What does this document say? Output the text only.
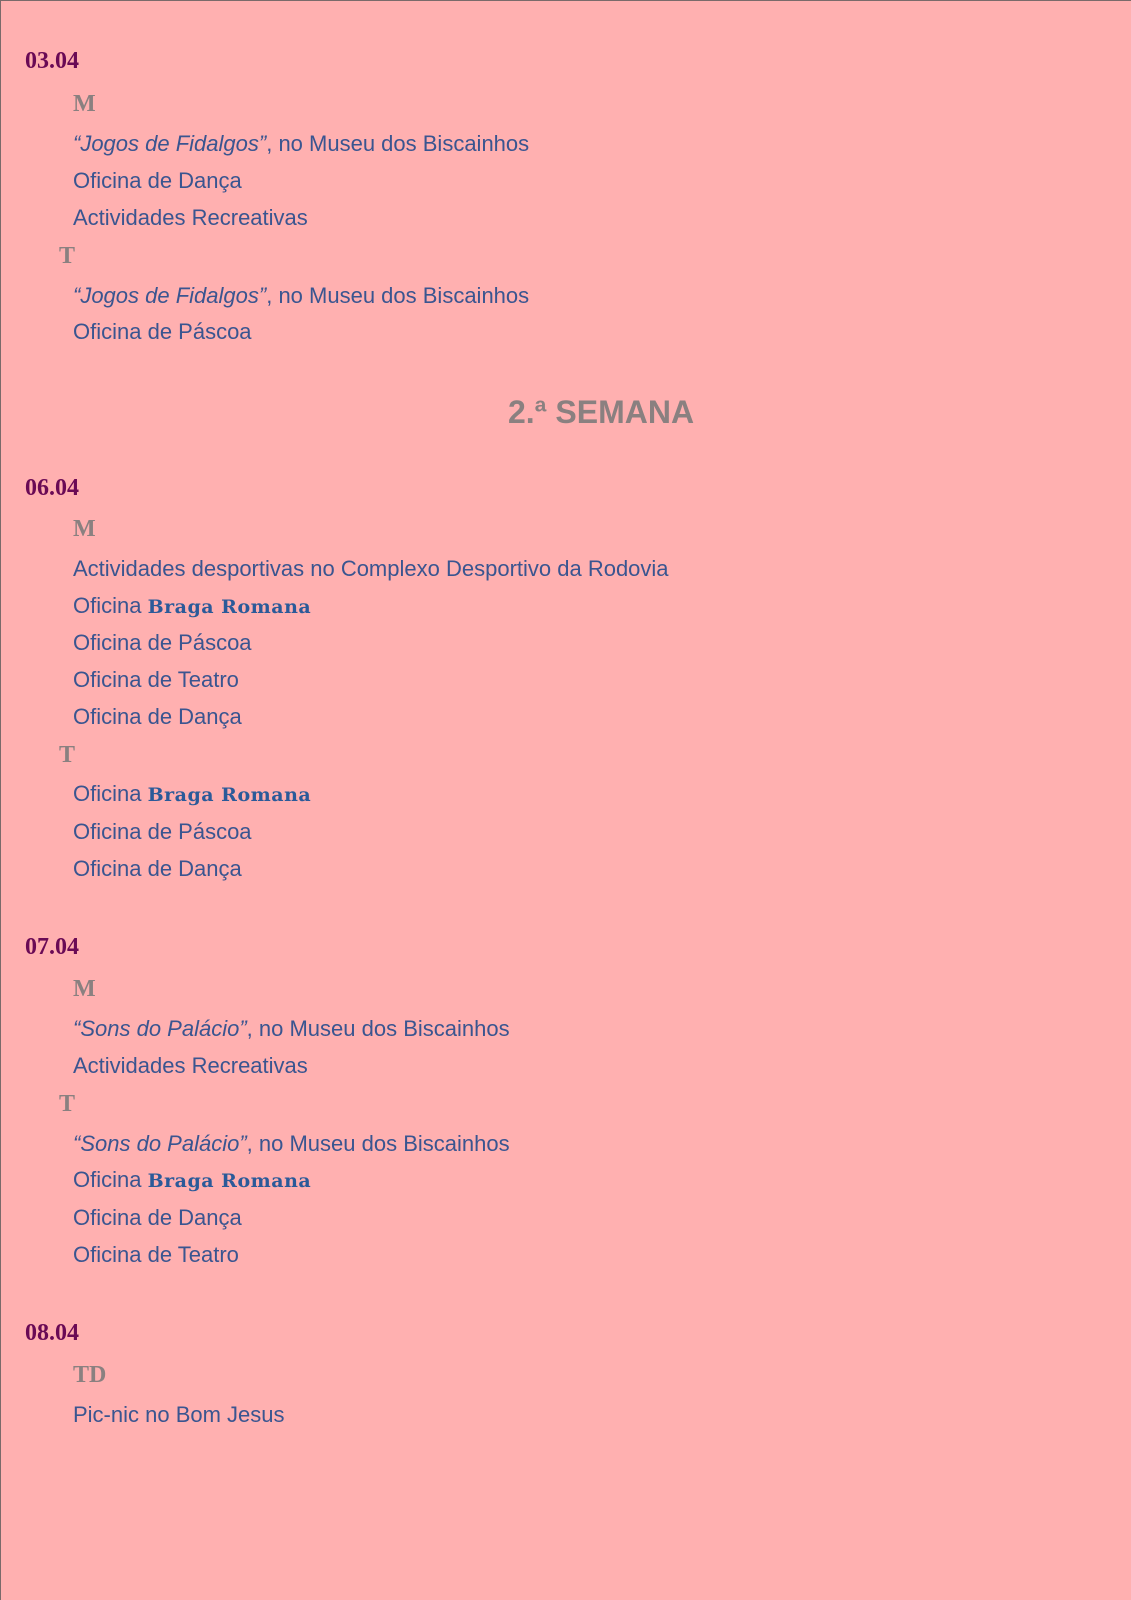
03.04
M
“Jogos de Fidalgos”, no Museu dos Biscainhos
Oficina de Dança
Actividades Recreativas
T
“Jogos de Fidalgos”, no Museu dos Biscainhos
Oficina de Páscoa
2.ª SEMANA
06.04
M
Actividades desportivas no Complexo Desportivo da Rodovia
Oficina Braga Romana
Oficina de Páscoa
Oficina de Teatro
Oficina de Dança
T
Oficina Braga Romana
Oficina de Páscoa
Oficina de Dança
07.04
M
“Sons do Palácio”, no Museu dos Biscainhos
Actividades Recreativas
T
“Sons do Palácio”, no Museu dos Biscainhos
Oficina Braga Romana
Oficina de Dança
Oficina de Teatro
08.04
TD
Pic-nic no Bom Jesus
